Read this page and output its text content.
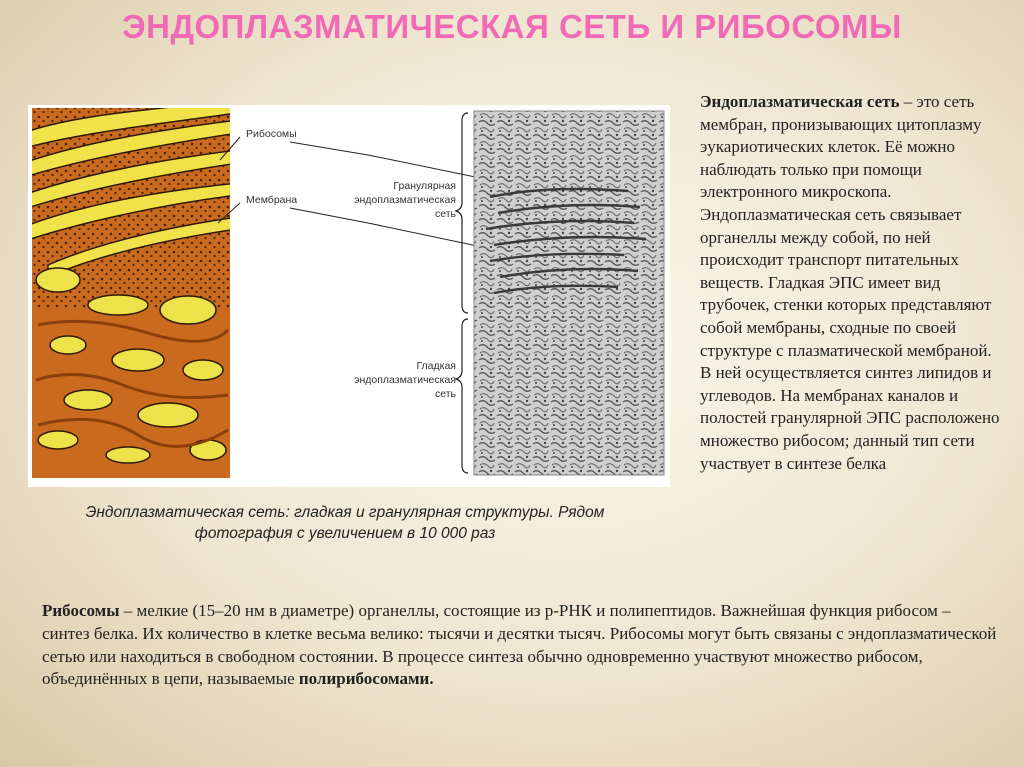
ЭНДОПЛАЗМАТИЧЕСКАЯ СЕТЬ И РИБОСОМЫ
Рибосомы
Мембрана
Гранулярная
эндоплазматическая
сеть
Гладкая
эндоплазматическая
сеть
Эндоплазматическая сеть: гладкая и гранулярная структуры. Рядом
фотография с увеличением в 10 000 раз
Эндоплазматическая сеть – это сеть мембран, пронизывающих цитоплазму эукариотических клеток. Её можно наблюдать только при помощи электронного микроскопа. Эндоплазматическая сеть связывает органеллы между собой, по ней происходит транспорт питательных веществ. Гладкая ЭПС имеет вид трубочек, стенки которых представляют собой мембраны, сходные по своей структуре с плазматической мембраной. В ней осуществляется синтез липидов и углеводов. На мембранах каналов и полостей гранулярной ЭПС расположено множество рибосом; данный тип сети участвует в синтезе белка
Рибосомы – мелкие (15–20 нм в диаметре) органеллы, состоящие из р-РНК и полипептидов. Важнейшая функция рибосом – синтез белка. Их количество в клетке весьма велико: тысячи и десятки тысяч. Рибосомы могут быть связаны с эндоплазматической сетью или находиться в свободном состоянии. В процессе синтеза обычно одновременно участвуют множество рибосом, объединённых в цепи, называемые полирибосомами.
